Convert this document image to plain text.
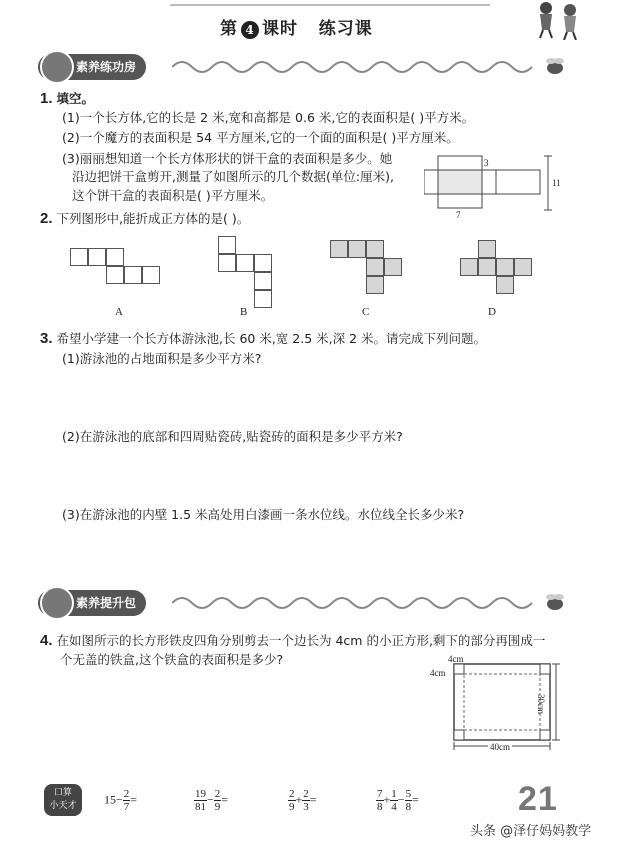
第 4 课时 练习课
素养练功房
1. 填空。
(1)一个长方体,它的长是 2 米,宽和高都是 0.6 米,它的表面积是( )平方米。
(2)一个魔方的表面积是 54 平方厘米,它的一个面的面积是( )平方厘米。
(3)丽丽想知道一个长方体形状的饼干盒的表面积是多少。她
沿边把饼干盒剪开,测量了如图所示的几个数据(单位:厘米),
这个饼干盒的表面积是( )平方厘米。
3
7
11
2. 下列图形中,能折成正方体的是( )。
A	B	C	D
3. 希望小学建一个长方体游泳池,长 60 米,宽 2.5 米,深 2 米。请完成下列问题。
(1)游泳池的占地面积是多少平方米?
(2)在游泳池的底部和四周贴瓷砖,贴瓷砖的面积是多少平方米?
(3)在游泳池的内壁 1.5 米高处用白漆画一条水位线。水位线全长多少米?
素养提升包
4. 在如图所示的长方形铁皮四角分别剪去一个边长为 4cm 的小正方形,剩下的部分再围成一
个无盖的铁盒,这个铁盒的表面积是多少?	4cm
4cm
30cm
40cm
口算
小天才	$15- \frac{2}{7}$ =	$\frac{19}{81} - \frac{2}{9}$ =	$\frac{2}{9} + \frac{2}{3}$ =	$\frac{7}{8} + \frac{1}{4} - \frac{5}{8}$ =	21
头条 @泽仔妈妈教学
